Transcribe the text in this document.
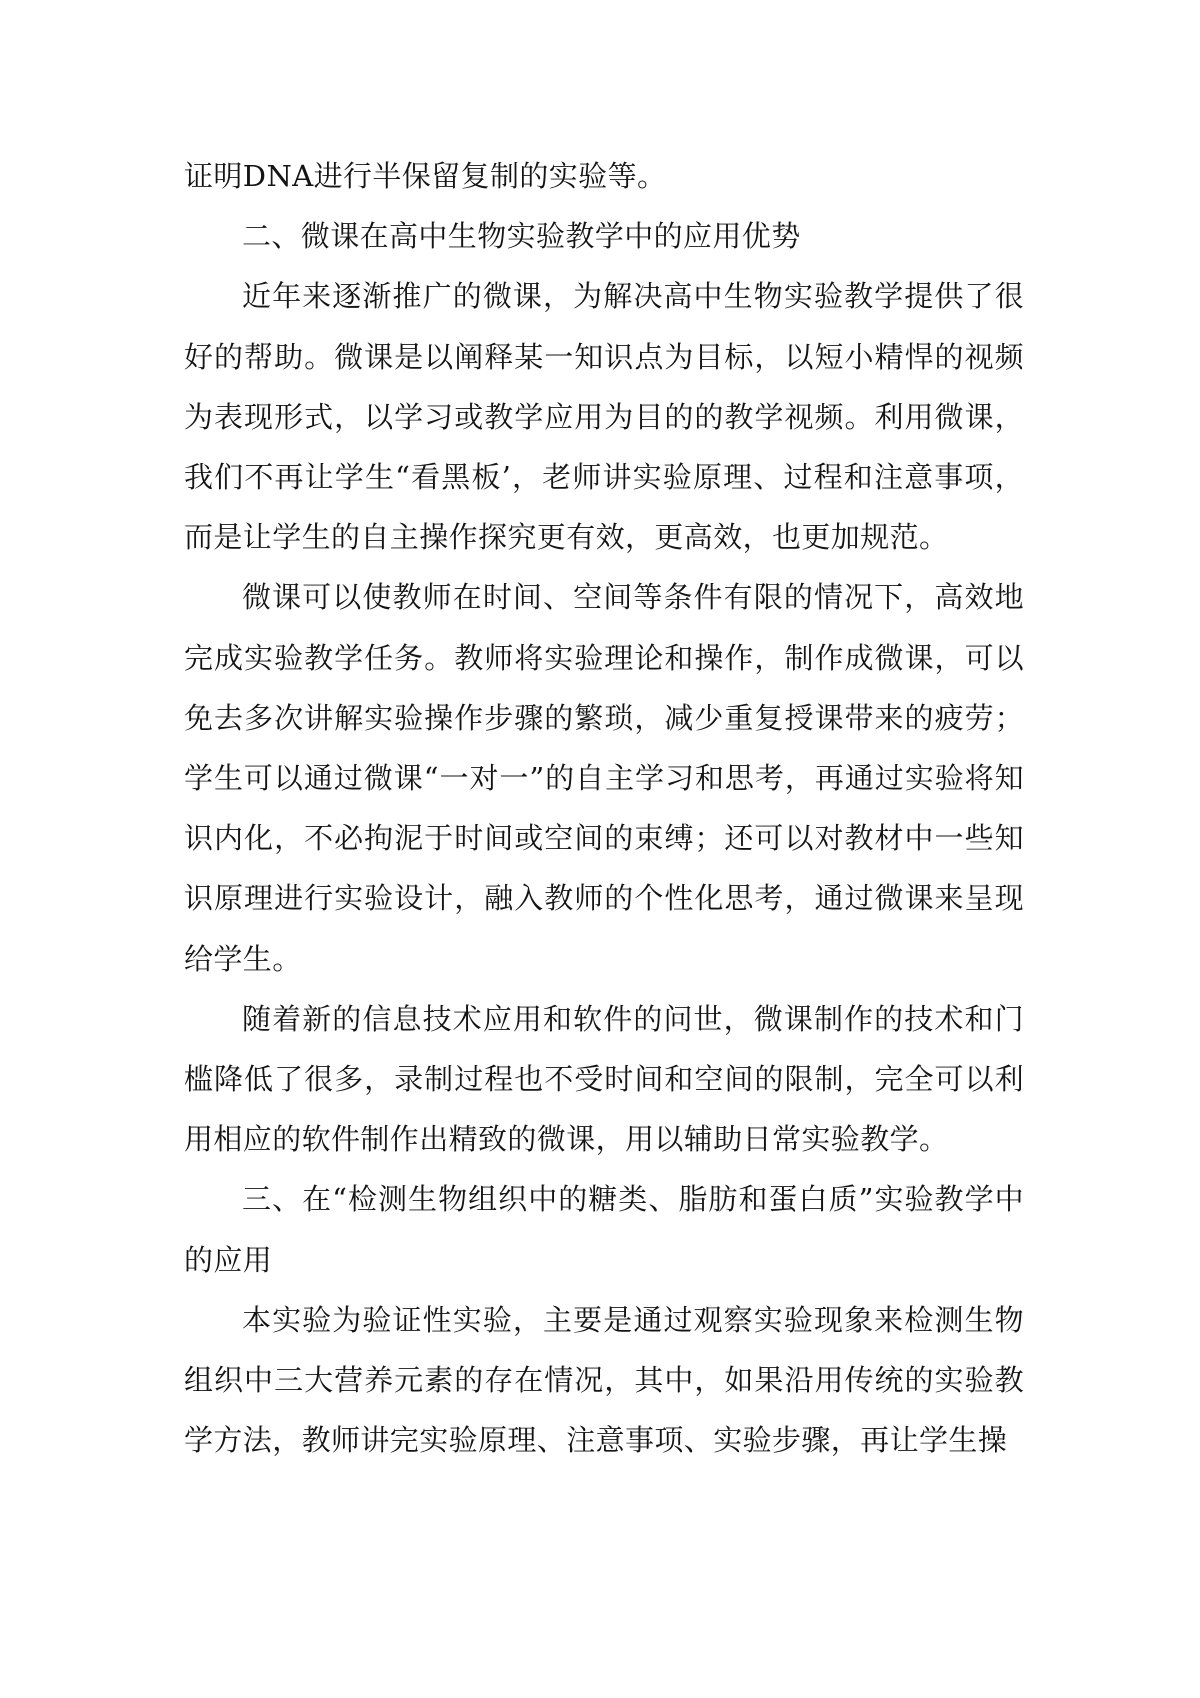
证明DNA进行半保留复制的实验等。

二、微课在高中生物实验教学中的应用优势

近年来逐渐推广的微课，为解决高中生物实验教学提供了很好的帮助。微课是以阐释某一知识点为目标，以短小精悍的视频为表现形式，以学习或教学应用为目的的教学视频。利用微课，我们不再让学生“看黑板’，老师讲实验原理、过程和注意事项，而是让学生的自主操作探究更有效，更高效，也更加规范。

微课可以使教师在时间、空间等条件有限的情况下，高效地完成实验教学任务。教师将实验理论和操作，制作成微课，可以免去多次讲解实验操作步骤的繁琐，减少重复授课带来的疲劳；学生可以通过微课“一对一”的自主学习和思考，再通过实验将知识内化，不必拘泥于时间或空间的束缚；还可以对教材中一些知识原理进行实验设计，融入教师的个性化思考，通过微课来呈现给学生。

随着新的信息技术应用和软件的问世，微课制作的技术和门槛降低了很多，录制过程也不受时间和空间的限制，完全可以利用相应的软件制作出精致的微课，用以辅助日常实验教学。

三、在“检测生物组织中的糖类、脂肪和蛋白质”实验教学中的应用

本实验为验证性实验，主要是通过观察实验现象来检测生物组织中三大营养元素的存在情况，其中，如果沿用传统的实验教学方法，教师讲完实验原理、注意事项、实验步骤，再让学生操
